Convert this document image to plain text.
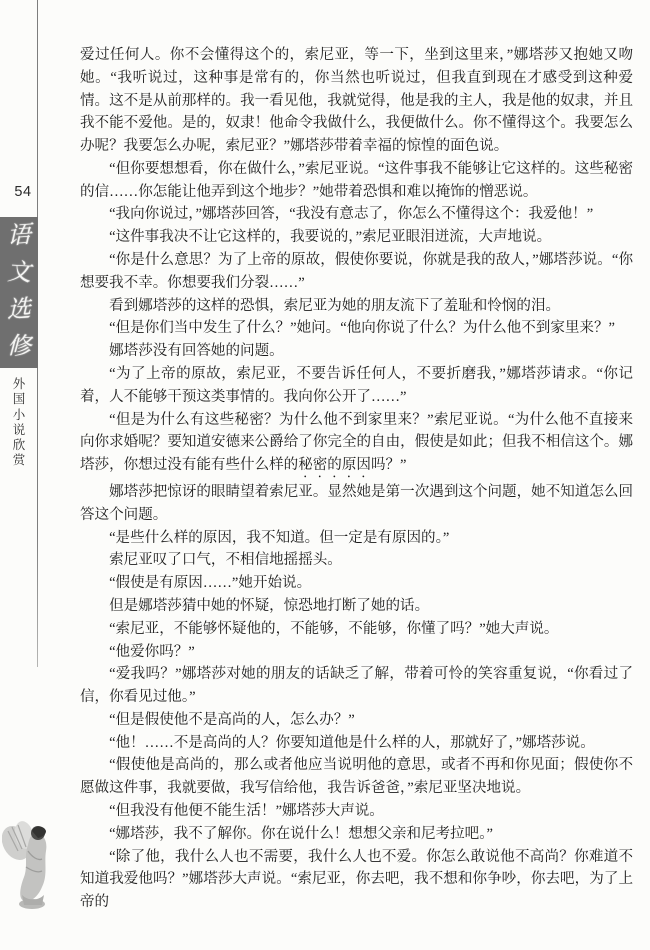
54
语
文
选
修
外
国
小
说
欣
赏

爱过任何人。你不会懂得这个的，索尼亚，等一下，坐到这里来，”娜塔莎又抱她又吻她。“我听说过，这种事是常有的，你当然也听说过，但我直到现在才感受到这种爱情。这不是从前那样的。我一看见他，我就觉得，他是我的主人，我是他的奴隶，并且我不能不爱他。是的，奴隶！他命令我做什么，我便做什么。你不懂得这个。我要怎么办呢？我要怎么办呢，索尼亚？”娜塔莎带着幸福的惊惶的面色说。

“但你要想想看，你在做什么，”索尼亚说。“这件事我不能够让它这样的。这些秘密的信……你怎能让他弄到这个地步？”她带着恐惧和难以掩饰的憎恶说。

“我向你说过，”娜塔莎回答，“我没有意志了，你怎么不懂得这个：我爱他！”

“这件事我决不让它这样的，我要说的，”索尼亚眼泪迸流，大声地说。

“你是什么意思？为了上帝的原故，假使你要说，你就是我的敌人，”娜塔莎说。“你想要我不幸。你想要我们分裂……”

看到娜塔莎的这样的恐惧，索尼亚为她的朋友流下了羞耻和怜悯的泪。

“但是你们当中发生了什么？”她问。“他向你说了什么？为什么他不到家里来？”

娜塔莎没有回答她的问题。

“为了上帝的原故，索尼亚，不要告诉任何人，不要折磨我，”娜塔莎请求。“你记着，人不能够干预这类事情的。我向你公开了……”

“但是为什么有这些秘密？为什么他不到家里来？”索尼亚说。“为什么他不直接来向你求婚呢？要知道安德来公爵给了你完全的自由，假使是如此；但我不相信这个。娜塔莎，你想过没有能有些什么样的秘密的原因吗？”

娜塔莎把惊讶的眼睛望着索尼亚。显然她是第一次遇到这个问题，她不知道怎么回答这个问题。

“是些什么样的原因，我不知道。但一定是有原因的。”

索尼亚叹了口气，不相信地摇摇头。

“假使是有原因……”她开始说。

但是娜塔莎猜中她的怀疑，惊恐地打断了她的话。

“索尼亚，不能够怀疑他的，不能够，不能够，你懂了吗？”她大声说。

“他爱你吗？”

“爱我吗？”娜塔莎对她的朋友的话缺乏了解，带着可怜的笑容重复说，“你看过了信，你看见过他。”

“但是假使他不是高尚的人，怎么办？”

“他！……不是高尚的人？你要知道他是什么样的人，那就好了，”娜塔莎说。

“假使他是高尚的，那么或者他应当说明他的意思，或者不再和你见面；假使你不愿做这件事，我就要做，我写信给他，我告诉爸爸，”索尼亚坚决地说。

“但我没有他便不能生活！”娜塔莎大声说。

“娜塔莎，我不了解你。你在说什么！想想父亲和尼考拉吧。”

“除了他，我什么人也不需要，我什么人也不爱。你怎么敢说他不高尚？你难道不知道我爱他吗？”娜塔莎大声说。“索尼亚，你去吧，我不想和你争吵，你去吧，为了上帝的
